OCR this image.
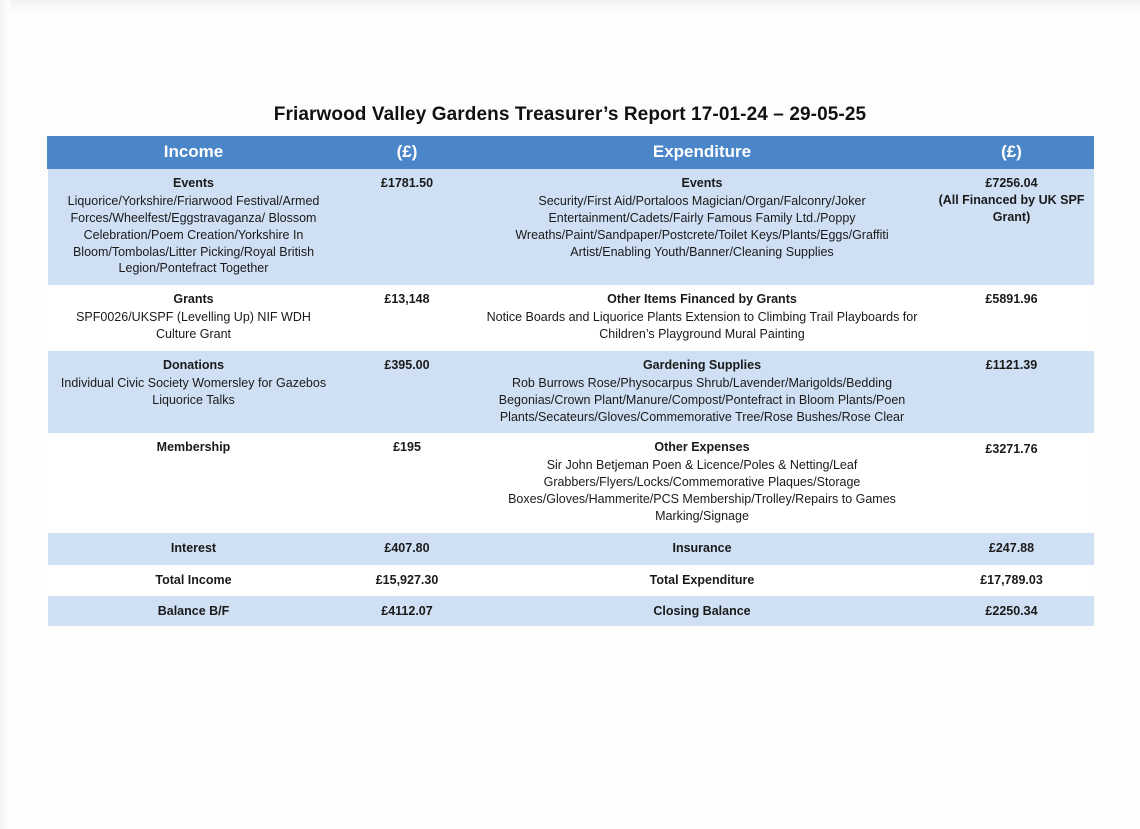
Friarwood Valley Gardens Treasurer’s Report 17-01-24 – 29-05-25
Income	(£)	Expenditure	(£)

Events
Liquorice/Yorkshire/Friarwood Festival/Armed Forces/Wheelfest/Eggstravaganza/ Blossom Celebration/Poem Creation/Yorkshire In Bloom/Tombolas/Litter Picking/Royal British Legion/Pontefract Together
	£1781.50	Events
Security/First Aid/Portaloos Magician/Organ/Falconry/Joker Entertainment/Cadets/Fairly Famous Family Ltd./Poppy Wreaths/Paint/Sandpaper/Postcrete/Toilet Keys/Plants/Eggs/Graffiti Artist/Enabling Youth/Banner/Cleaning Supplies
	£7256.04
(All Financed by UK SPF Grant)

Grants
SPF0026/UKSPF (Levelling Up) NIF WDH Culture Grant	£13,148	Other Items Financed by Grants
Notice Boards and Liquorice Plants Extension to Climbing Trail Playboards for Children’s Playground Mural Painting	£5891.96

Donations
Individual Civic Society Womersley for Gazebos Liquorice Talks	£395.00	Gardening Supplies
Rob Burrows Rose/Physocarpus Shrub/Lavender/Marigolds/Bedding Begonias/Crown Plant/Manure/Compost/Pontefract in Bloom Plants/Poen Plants/Secateurs/Gloves/Commemorative Tree/Rose Bushes/Rose Clear	£1121.39

Membership	£195	Other Expenses
Sir John Betjeman Poen & Licence/Poles & Netting/Leaf Grabbers/Flyers/Locks/Commemorative Plaques/Storage Boxes/Gloves/Hammerite/PCS Membership/Trolley/Repairs to Games Marking/Signage	£3271.76

Interest	£407.80	Insurance	£247.88
Total Income	£15,927.30	Total Expenditure	£17,789.03
Balance B/F	£4112.07	Closing Balance	£2250.34
